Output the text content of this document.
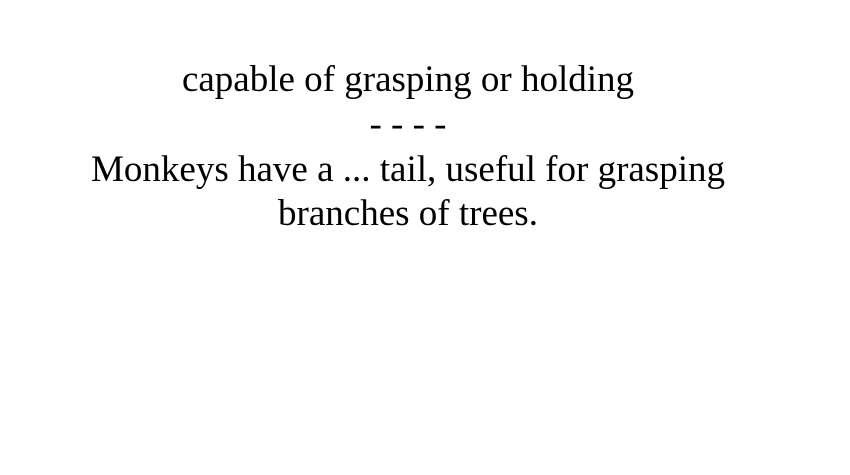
capable of grasping or holding
- - - -
Monkeys have a ... tail, useful for grasping
branches of trees.
